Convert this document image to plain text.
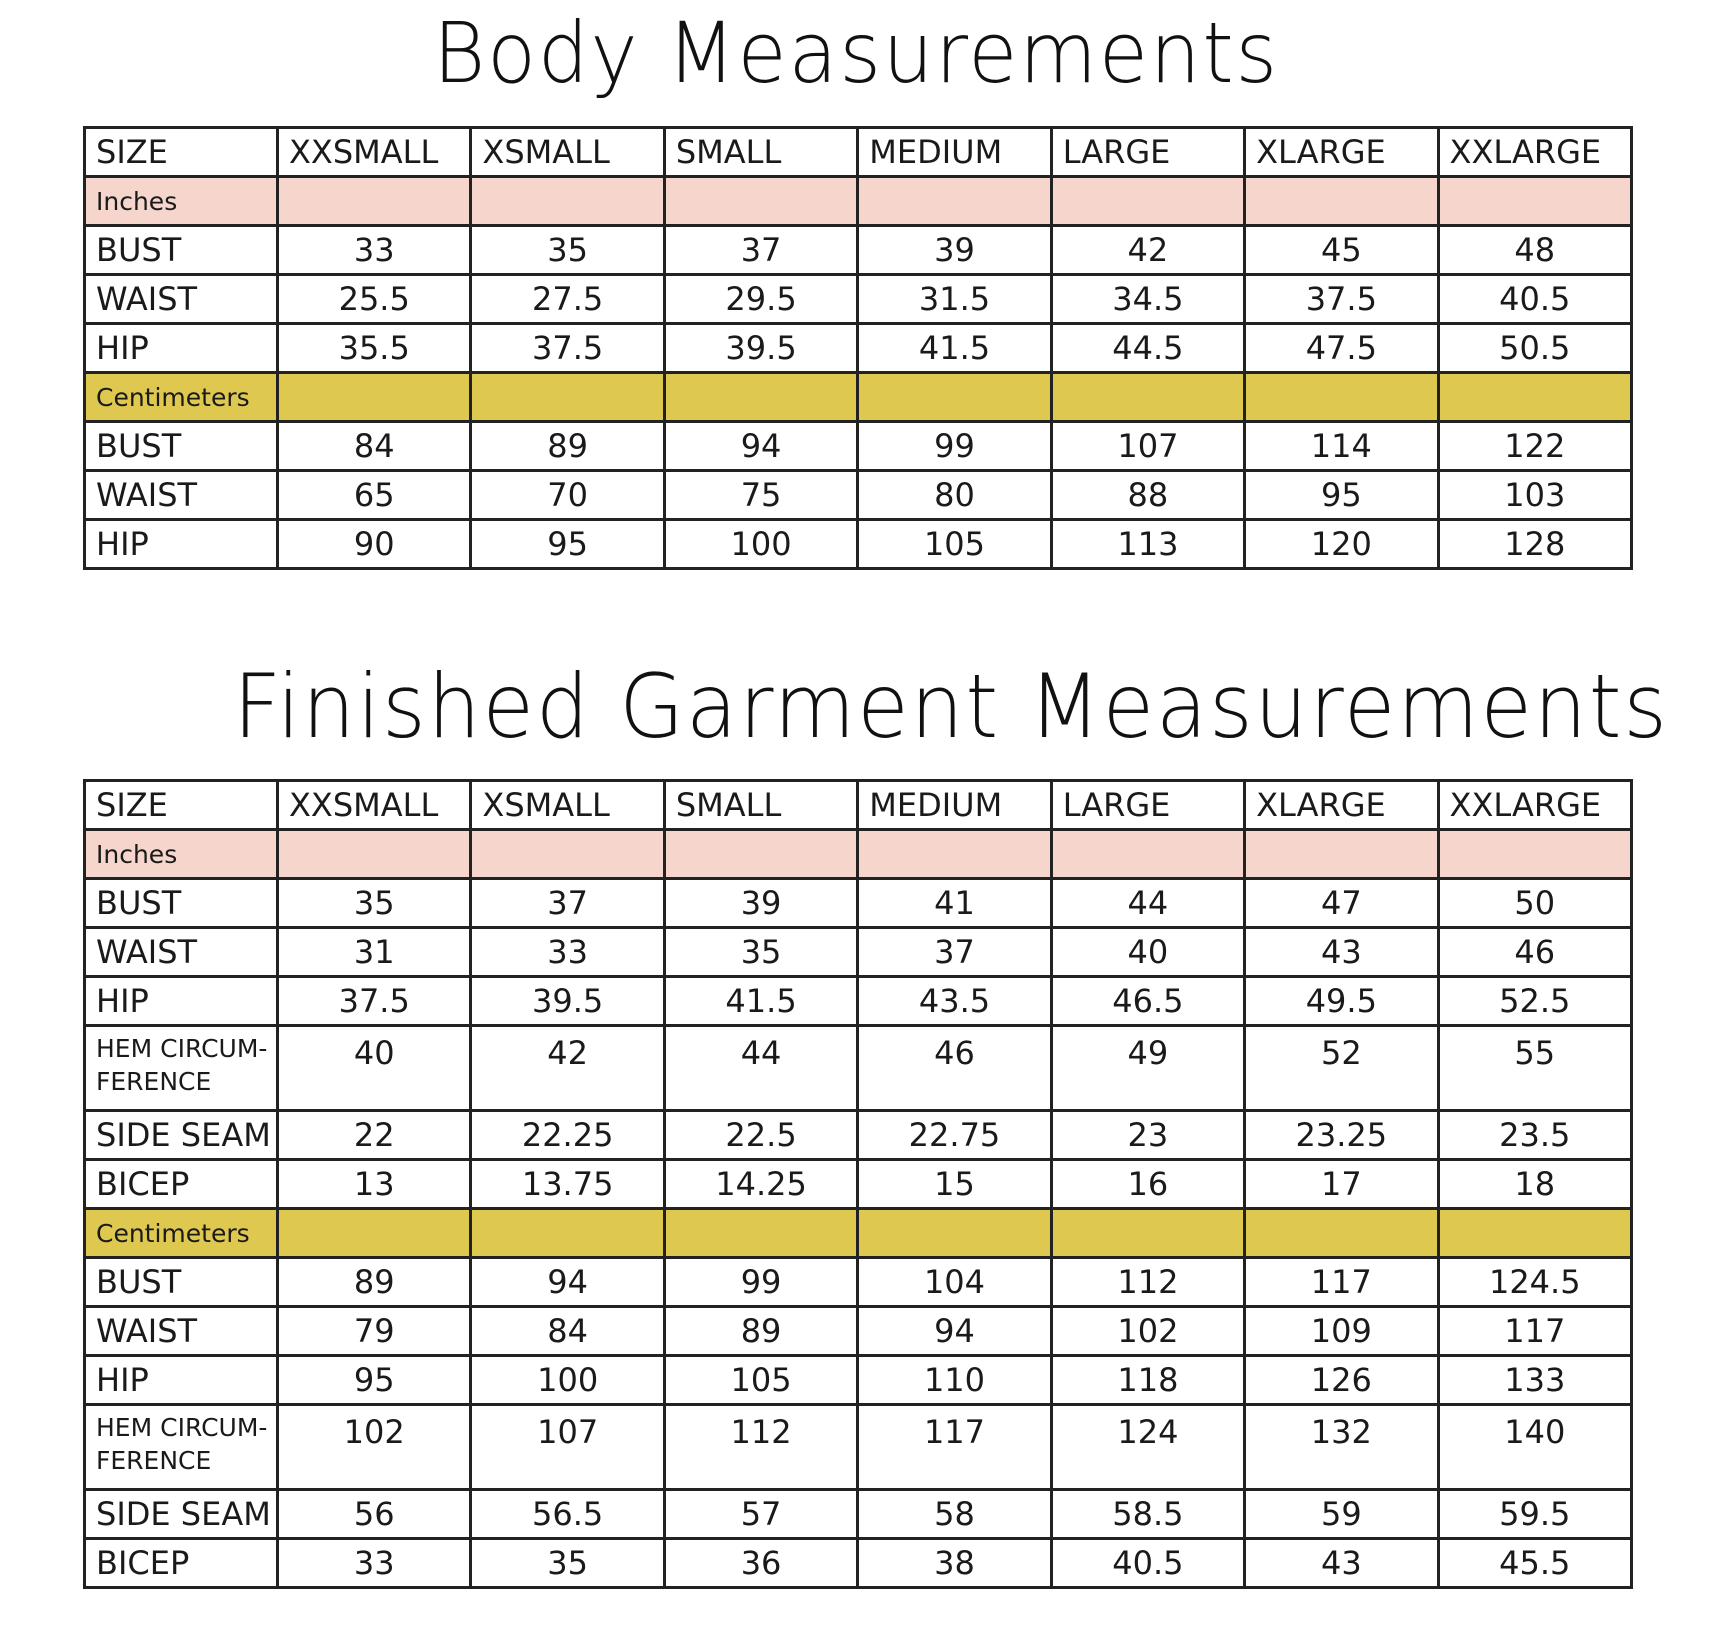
Body Measurements
SIZE	XXSMALL	XSMALL	SMALL	MEDIUM	LARGE	XLARGE	XXLARGE
Inches							
BUST	33	35	37	39	42	45	48
WAIST	25.5	27.5	29.5	31.5	34.5	37.5	40.5
HIP	35.5	37.5	39.5	41.5	44.5	47.5	50.5
Centimeters							
BUST	84	89	94	99	107	114	122
WAIST	65	70	75	80	88	95	103
HIP	90	95	100	105	113	120	128
Finished Garment Measurements
SIZE	XXSMALL	XSMALL	SMALL	MEDIUM	LARGE	XLARGE	XXLARGE
Inches							
BUST	35	37	39	41	44	47	50
WAIST	31	33	35	37	40	43	46
HIP	37.5	39.5	41.5	43.5	46.5	49.5	52.5
HEM CIRCUM-
FERENCE	40	42	44	46	49	52	55
SIDE SEAM	22	22.25	22.5	22.75	23	23.25	23.5
BICEP	13	13.75	14.25	15	16	17	18
Centimeters							
BUST	89	94	99	104	112	117	124.5
WAIST	79	84	89	94	102	109	117
HIP	95	100	105	110	118	126	133
HEM CIRCUM-
FERENCE	102	107	112	117	124	132	140
SIDE SEAM	56	56.5	57	58	58.5	59	59.5
BICEP	33	35	36	38	40.5	43	45.5
